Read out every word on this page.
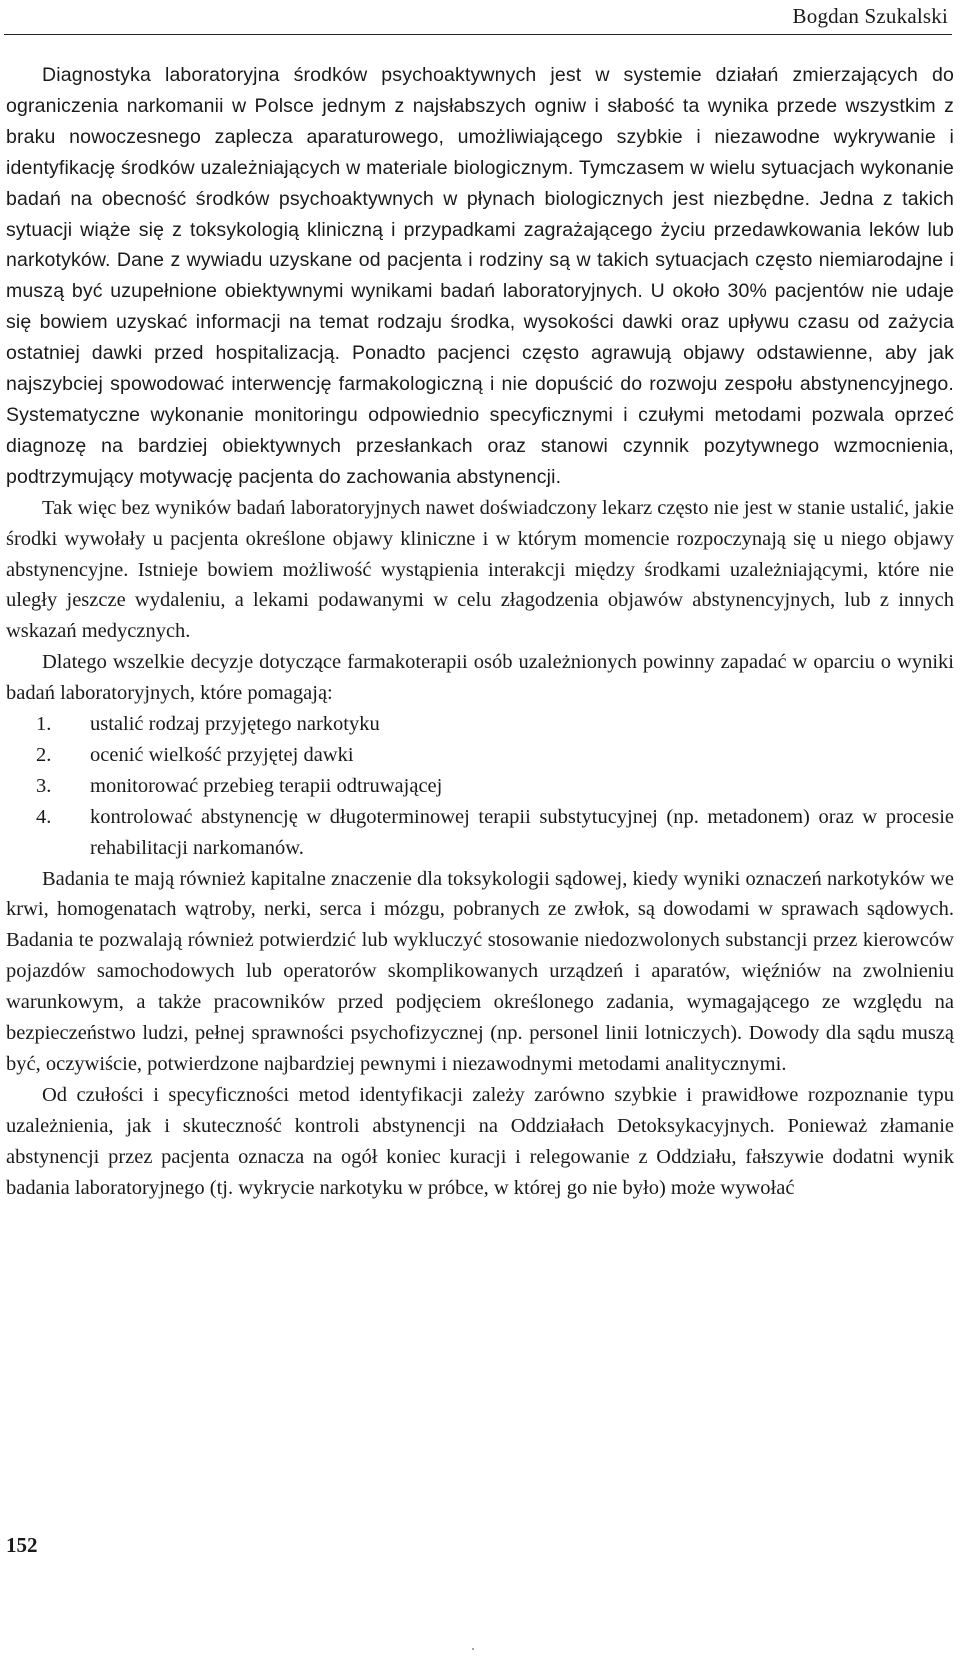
Bogdan Szukalski

Diagnostyka laboratoryjna środków psychoaktywnych jest w systemie działań zmierzających do ograniczenia narkomanii w Polsce jednym z najsłabszych ogniw i słabość ta wynika przede wszystkim z braku nowoczesnego zaplecza aparaturowego, umożliwiającego szybkie i niezawodne wykrywanie i identyfikację środków uzależniających w materiale biologicznym. Tymczasem w wielu sytuacjach wykonanie badań na obecność środków psychoaktywnych w płynach biologicznych jest niezbędne. Jedna z takich sytuacji wiąże się z toksykologią kliniczną i przypadkami zagrażającego życiu przedawkowania leków lub narkotyków. Dane z wywiadu uzyskane od pacjenta i rodziny są w takich sytuacjach często niemiarodajne i muszą być uzupełnione obiektywnymi wynikami badań laboratoryjnych. U około 30% pacjentów nie udaje się bowiem uzyskać informacji na temat rodzaju środka, wysokości dawki oraz upływu czasu od zażycia ostatniej dawki przed hospitalizacją. Ponadto pacjenci często agrawują objawy odstawienne, aby jak najszybciej spowodować interwencję farmakologiczną i nie dopuścić do rozwoju zespołu abstynencyjnego. Systematyczne wykonanie monitoringu odpowiednio specyficznymi i czułymi metodami pozwala oprzeć diagnozę na bardziej obiektywnych przesłankach oraz stanowi czynnik pozytywnego wzmocnienia, podtrzymujący motywację pacjenta do zachowania abstynencji.

Tak więc bez wyników badań laboratoryjnych nawet doświadczony lekarz często nie jest w stanie ustalić, jakie środki wywołały u pacjenta określone objawy kliniczne i w którym momencie rozpoczynają się u niego objawy abstynencyjne. Istnieje bowiem możliwość wystąpienia interakcji między środkami uzależniającymi, które nie uległy jeszcze wydaleniu, a lekami podawanymi w celu złagodzenia objawów abstynencyjnych, lub z innych wskazań medycznych.

Dlatego wszelkie decyzje dotyczące farmakoterapii osób uzależnionych powinny zapadać w oparciu o wyniki badań laboratoryjnych, które pomagają:

1.	ustalić rodzaj przyjętego narkotyku
2.	ocenić wielkość przyjętej dawki
3.	monitorować przebieg terapii odtruwającej
4.	kontrolować abstynencję w długoterminowej terapii substytucyjnej (np. metadonem) oraz w procesie rehabilitacji narkomanów.

Badania te mają również kapitalne znaczenie dla toksykologii sądowej, kiedy wyniki oznaczeń narkotyków we krwi, homogenatach wątroby, nerki, serca i mózgu, pobranych ze zwłok, są dowodami w sprawach sądowych. Badania te pozwalają również potwierdzić lub wykluczyć stosowanie niedozwolonych substancji przez kierowców pojazdów samochodowych lub operatorów skomplikowanych urządzeń i aparatów, więźniów na zwolnieniu warunkowym, a także pracowników przed podjęciem określonego zadania, wymagającego ze względu na bezpieczeństwo ludzi, pełnej sprawności psychofizycznej (np. personel linii lotniczych). Dowody dla sądu muszą być, oczywiście, potwierdzone najbardziej pewnymi i niezawodnymi metodami analitycznymi.

Od czułości i specyficzności metod identyfikacji zależy zarówno szybkie i prawidłowe rozpoznanie typu uzależnienia, jak i skuteczność kontroli abstynencji na Oddziałach Detoksykacyjnych. Ponieważ złamanie abstynencji przez pacjenta oznacza na ogół koniec kuracji i relegowanie z Oddziału, fałszywie dodatni wynik badania laboratoryjnego (tj. wykrycie narkotyku w próbce, w której go nie było) może wywołać

152
